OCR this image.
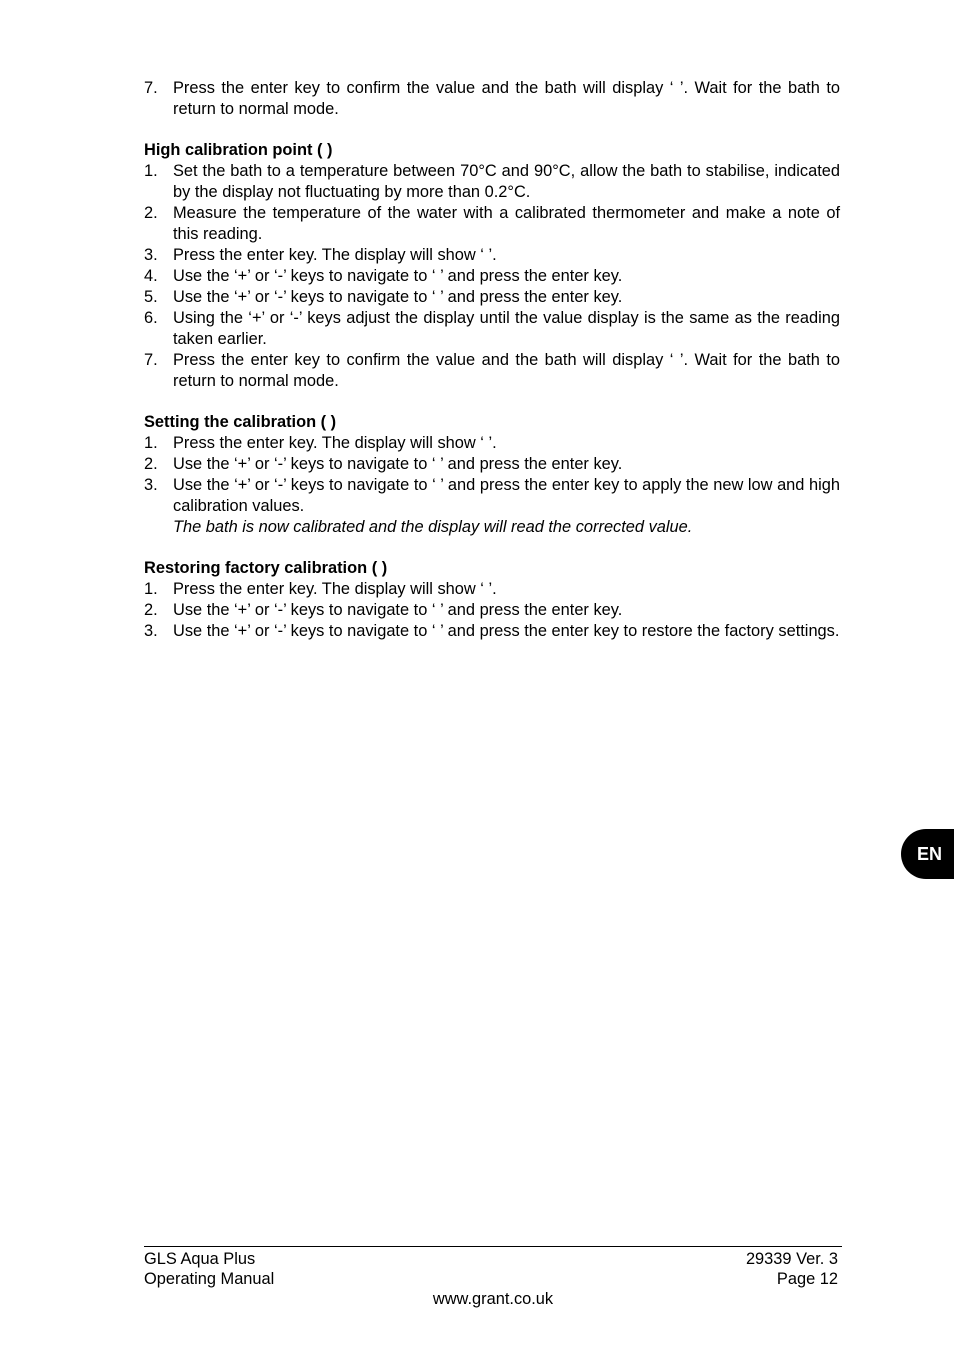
7. Press the enter key to confirm the value and the bath will display ‘ ’. Wait for the bath to return to normal mode.
High calibration point ( )
1. Set the bath to a temperature between 70°C and 90°C, allow the bath to stabilise, indicated by the display not fluctuating by more than 0.2°C.
2. Measure the temperature of the water with a calibrated thermometer and make a note of this reading.
3. Press the enter key. The display will show ‘ ’.
4. Use the ‘+’ or ‘-’ keys to navigate to ‘ ’ and press the enter key.
5. Use the ‘+’ or ‘-’ keys to navigate to ‘ ’ and press the enter key.
6. Using the ‘+’ or ‘-’ keys adjust the display until the value display is the same as the reading taken earlier.
7. Press the enter key to confirm the value and the bath will display ‘ ’. Wait for the bath to return to normal mode.
Setting the calibration ( )
1. Press the enter key. The display will show ‘ ’.
2. Use the ‘+’ or ‘-’ keys to navigate to ‘ ’ and press the enter key.
3. Use the ‘+’ or ‘-’ keys to navigate to ‘ ’ and press the enter key to apply the new low and high calibration values.
The bath is now calibrated and the display will read the corrected value.
Restoring factory calibration ( )
1. Press the enter key. The display will show ‘ ’.
2. Use the ‘+’ or ‘-’ keys to navigate to ‘ ’ and press the enter key.
3. Use the ‘+’ or ‘-’ keys to navigate to ‘ ’ and press the enter key to restore the factory settings.
EN
GLS Aqua Plus
Operating Manual
29339 Ver. 3
Page 12
www.grant.co.uk
